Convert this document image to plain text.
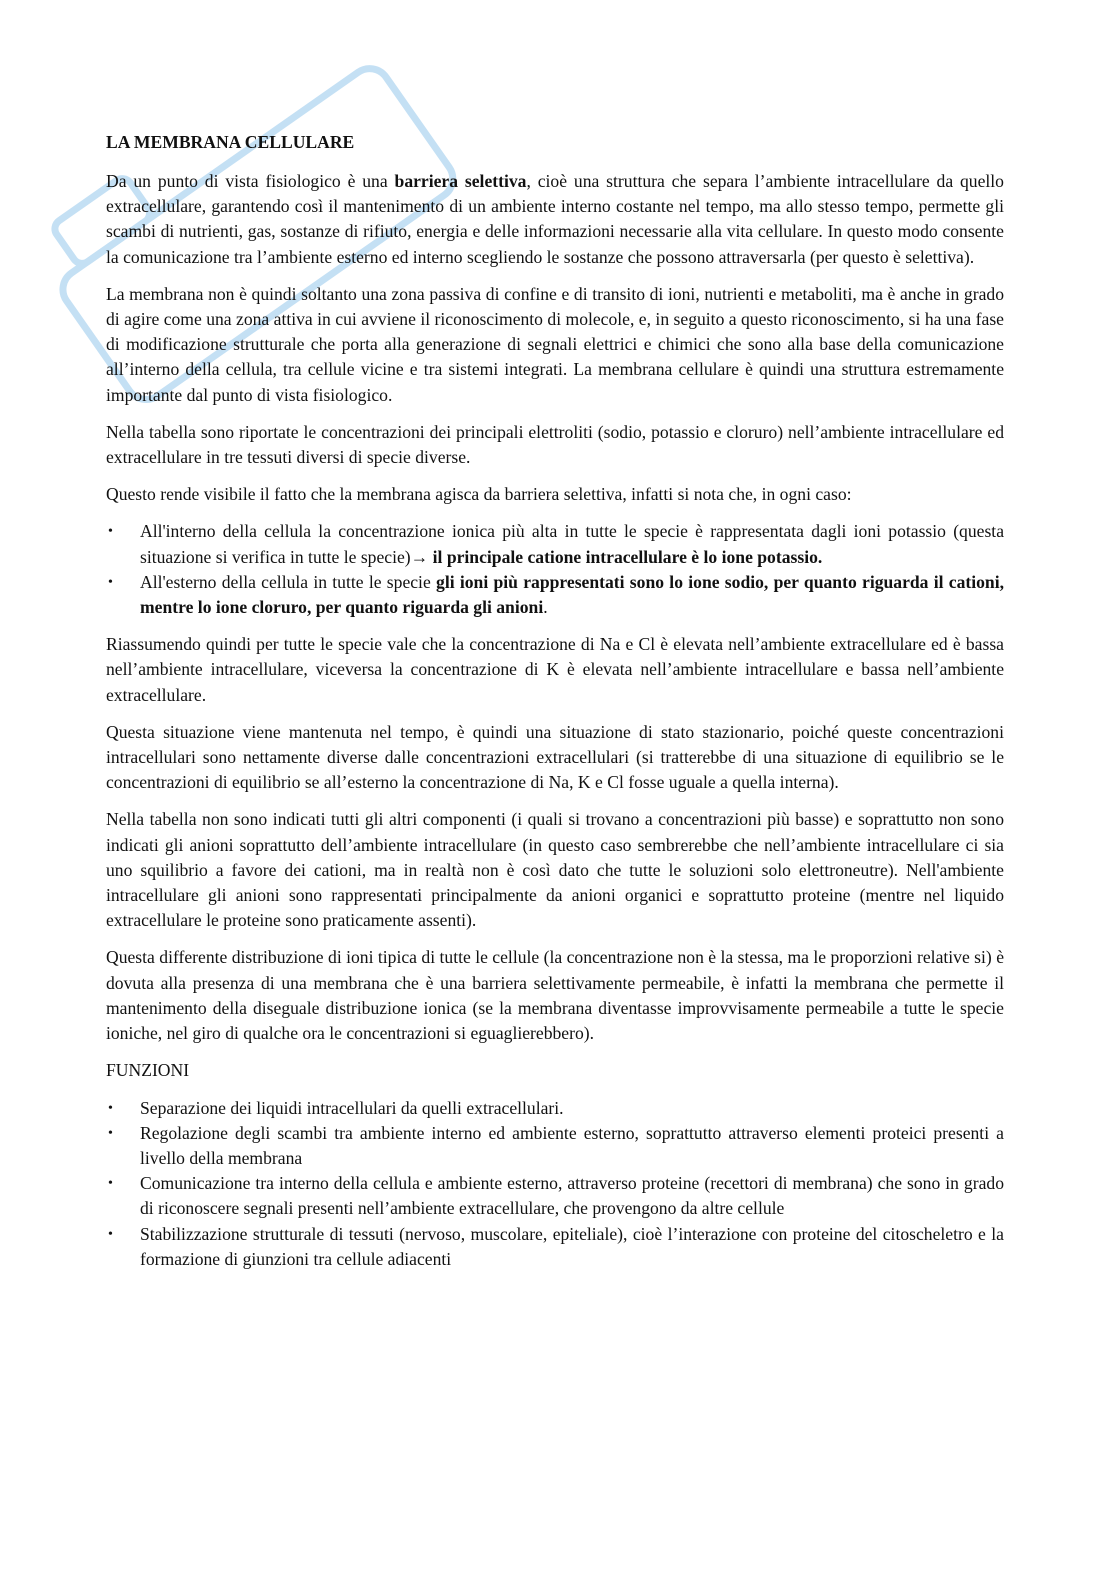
LA MEMBRANA CELLULARE

Da un punto di vista fisiologico è una barriera selettiva, cioè una struttura che separa l’ambiente intracellulare da quello extracellulare, garantendo così il mantenimento di un ambiente interno costante nel tempo, ma allo stesso tempo, permette gli scambi di nutrienti, gas, sostanze di rifiuto, energia e delle informazioni necessarie alla vita cellulare. In questo modo consente la comunicazione tra l’ambiente esterno ed interno scegliendo le sostanze che possono attraversarla (per questo è selettiva).

La membrana non è quindi soltanto una zona passiva di confine e di transito di ioni, nutrienti e metaboliti, ma è anche in grado di agire come una zona attiva in cui avviene il riconoscimento di molecole, e, in seguito a questo riconoscimento, si ha una fase di modificazione strutturale che porta alla generazione di segnali elettrici e chimici che sono alla base della comunicazione all’interno della cellula, tra cellule vicine e tra sistemi integrati. La membrana cellulare è quindi una struttura estremamente importante dal punto di vista fisiologico.

Nella tabella sono riportate le concentrazioni dei principali elettroliti (sodio, potassio e cloruro) nell’ambiente intracellulare ed extracellulare in tre tessuti diversi di specie diverse.

Questo rende visibile il fatto che la membrana agisca da barriera selettiva, infatti si nota che, in ogni caso:

• All'interno della cellula la concentrazione ionica più alta in tutte le specie è rappresentata dagli ioni potassio (questa situazione si verifica in tutte le specie)→ il principale catione intracellulare è lo ione potassio.
• All'esterno della cellula in tutte le specie gli ioni più rappresentati sono lo ione sodio, per quanto riguarda il cationi, mentre lo ione cloruro, per quanto riguarda gli anioni.

Riassumendo quindi per tutte le specie vale che la concentrazione di Na e Cl è elevata nell’ambiente extracellulare ed è bassa nell’ambiente intracellulare, viceversa la concentrazione di K è elevata nell’ambiente intracellulare e bassa nell’ambiente extracellulare.

Questa situazione viene mantenuta nel tempo, è quindi una situazione di stato stazionario, poiché queste concentrazioni intracellulari sono nettamente diverse dalle concentrazioni extracellulari (si tratterebbe di una situazione di equilibrio se le concentrazioni di equilibrio se all’esterno la concentrazione di Na, K e Cl fosse uguale a quella interna).

Nella tabella non sono indicati tutti gli altri componenti (i quali si trovano a concentrazioni più basse) e soprattutto non sono indicati gli anioni soprattutto dell’ambiente intracellulare (in questo caso sembrerebbe che nell’ambiente intracellulare ci sia uno squilibrio a favore dei cationi, ma in realtà non è così dato che tutte le soluzioni solo elettroneutre). Nell'ambiente intracellulare gli anioni sono rappresentati principalmente da anioni organici e soprattutto proteine (mentre nel liquido extracellulare le proteine sono praticamente assenti).

Questa differente distribuzione di ioni tipica di tutte le cellule (la concentrazione non è la stessa, ma le proporzioni relative si) è dovuta alla presenza di una membrana che è una barriera selettivamente permeabile, è infatti la membrana che permette il mantenimento della diseguale distribuzione ionica (se la membrana diventasse improvvisamente permeabile a tutte le specie ioniche, nel giro di qualche ora le concentrazioni si eguaglierebbero).

FUNZIONI
• Separazione dei liquidi intracellulari da quelli extracellulari.
• Regolazione degli scambi tra ambiente interno ed ambiente esterno, soprattutto attraverso elementi proteici presenti a livello della membrana
• Comunicazione tra interno della cellula e ambiente esterno, attraverso proteine (recettori di membrana) che sono in grado di riconoscere segnali presenti nell’ambiente extracellulare, che provengono da altre cellule
• Stabilizzazione strutturale di tessuti (nervoso, muscolare, epiteliale), cioè l’interazione con proteine del citoscheletro e la formazione di giunzioni tra cellule adiacenti
